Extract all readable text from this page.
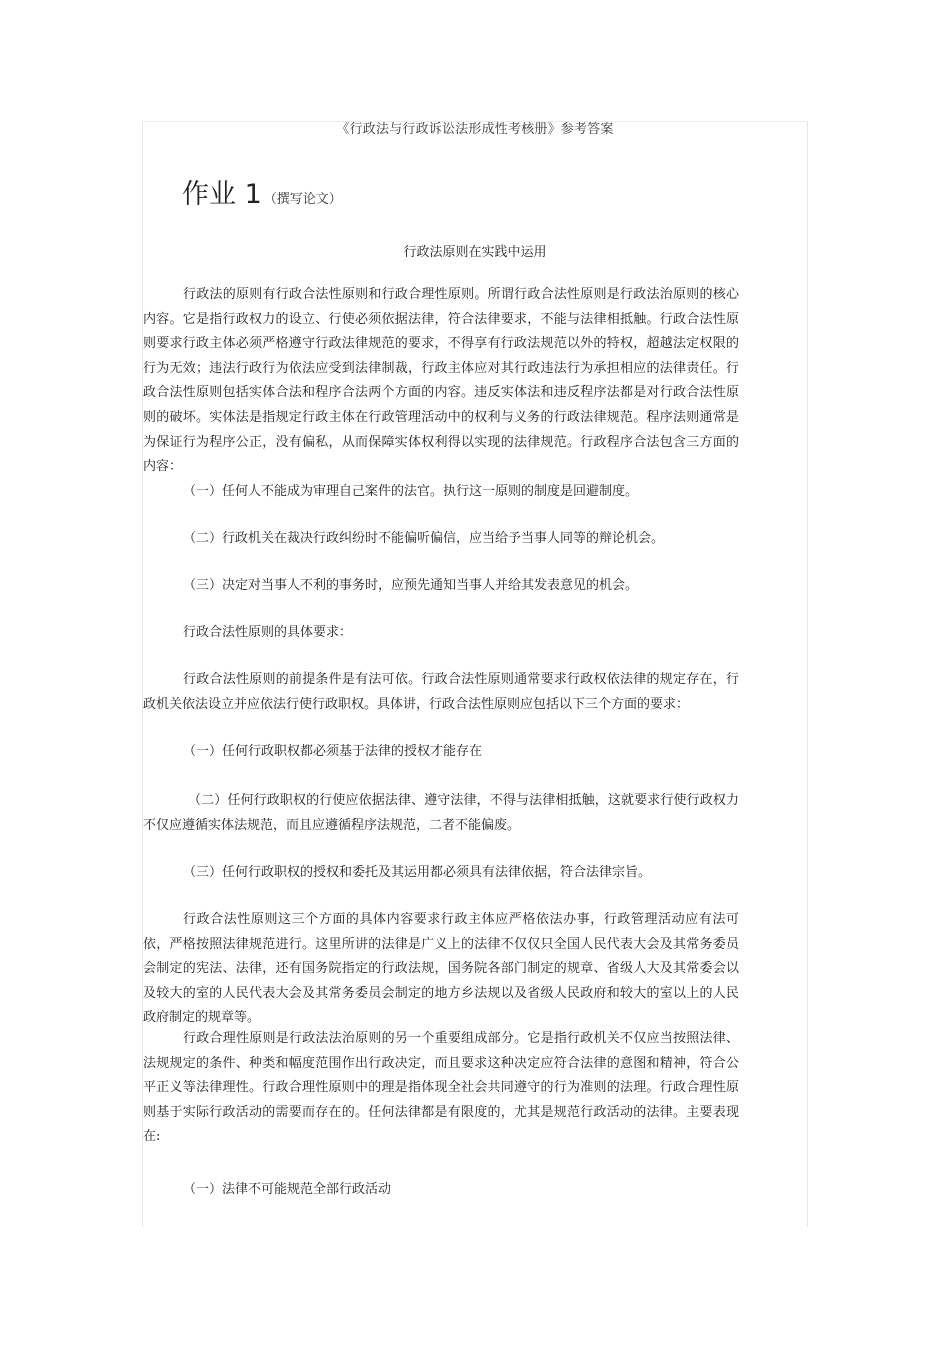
《行政法与行政诉讼法形成性考核册》参考答案
作业 1 （撰写论文）
行政法原则在实践中运用
行政法的原则有行政合法性原则和行政合理性原则。所谓行政合法性原则是行政法治原则的核心内容。它是指行政权力的设立、行使必须依据法律，符合法律要求，不能与法律相抵触。行政合法性原则要求行政主体必须严格遵守行政法律规范的要求，不得享有行政法规范以外的特权，超越法定权限的行为无效；违法行政行为依法应受到法律制裁，行政主体应对其行政违法行为承担相应的法律责任。行政合法性原则包括实体合法和程序合法两个方面的内容。违反实体法和违反程序法都是对行政合法性原则的破坏。实体法是指规定行政主体在行政管理活动中的权利与义务的行政法律规范。程序法则通常是为保证行为程序公正，没有偏私，从而保障实体权利得以实现的法律规范。行政程序合法包含三方面的内容：
（一）任何人不能成为审理自己案件的法官。执行这一原则的制度是回避制度。
（二）行政机关在裁决行政纠纷时不能偏听偏信，应当给予当事人同等的辩论机会。
（三）决定对当事人不利的事务时，应预先通知当事人并给其发表意见的机会。
行政合法性原则的具体要求：
行政合法性原则的前提条件是有法可依。行政合法性原则通常要求行政权依法律的规定存在，行政机关依法设立并应依法行使行政职权。具体讲，行政合法性原则应包括以下三个方面的要求：
（一）任何行政职权都必须基于法律的授权才能存在
（二）任何行政职权的行使应依据法律、遵守法律，不得与法律相抵触，这就要求行使行政权力不仅应遵循实体法规范，而且应遵循程序法规范，二者不能偏废。
（三）任何行政职权的授权和委托及其运用都必须具有法律依据，符合法律宗旨。
行政合法性原则这三个方面的具体内容要求行政主体应严格依法办事，行政管理活动应有法可依，严格按照法律规范进行。这里所讲的法律是广义上的法律不仅仅只全国人民代表大会及其常务委员会制定的宪法、法律，还有国务院指定的行政法规，国务院各部门制定的规章、省级人大及其常委会以及较大的室的人民代表大会及其常务委员会制定的地方乡法规以及省级人民政府和较大的室以上的人民政府制定的规章等。
行政合理性原则是行政法法治原则的另一个重要组成部分。它是指行政机关不仅应当按照法律、法规规定的条件、种类和幅度范围作出行政决定，而且要求这种决定应符合法律的意图和精神，符合公平正义等法律理性。行政合理性原则中的理是指体现全社会共同遵守的行为准则的法理。行政合理性原则基于实际行政活动的需要而存在的。任何法律都是有限度的，尤其是规范行政活动的法律。主要表现在:
（一）法律不可能规范全部行政活动
